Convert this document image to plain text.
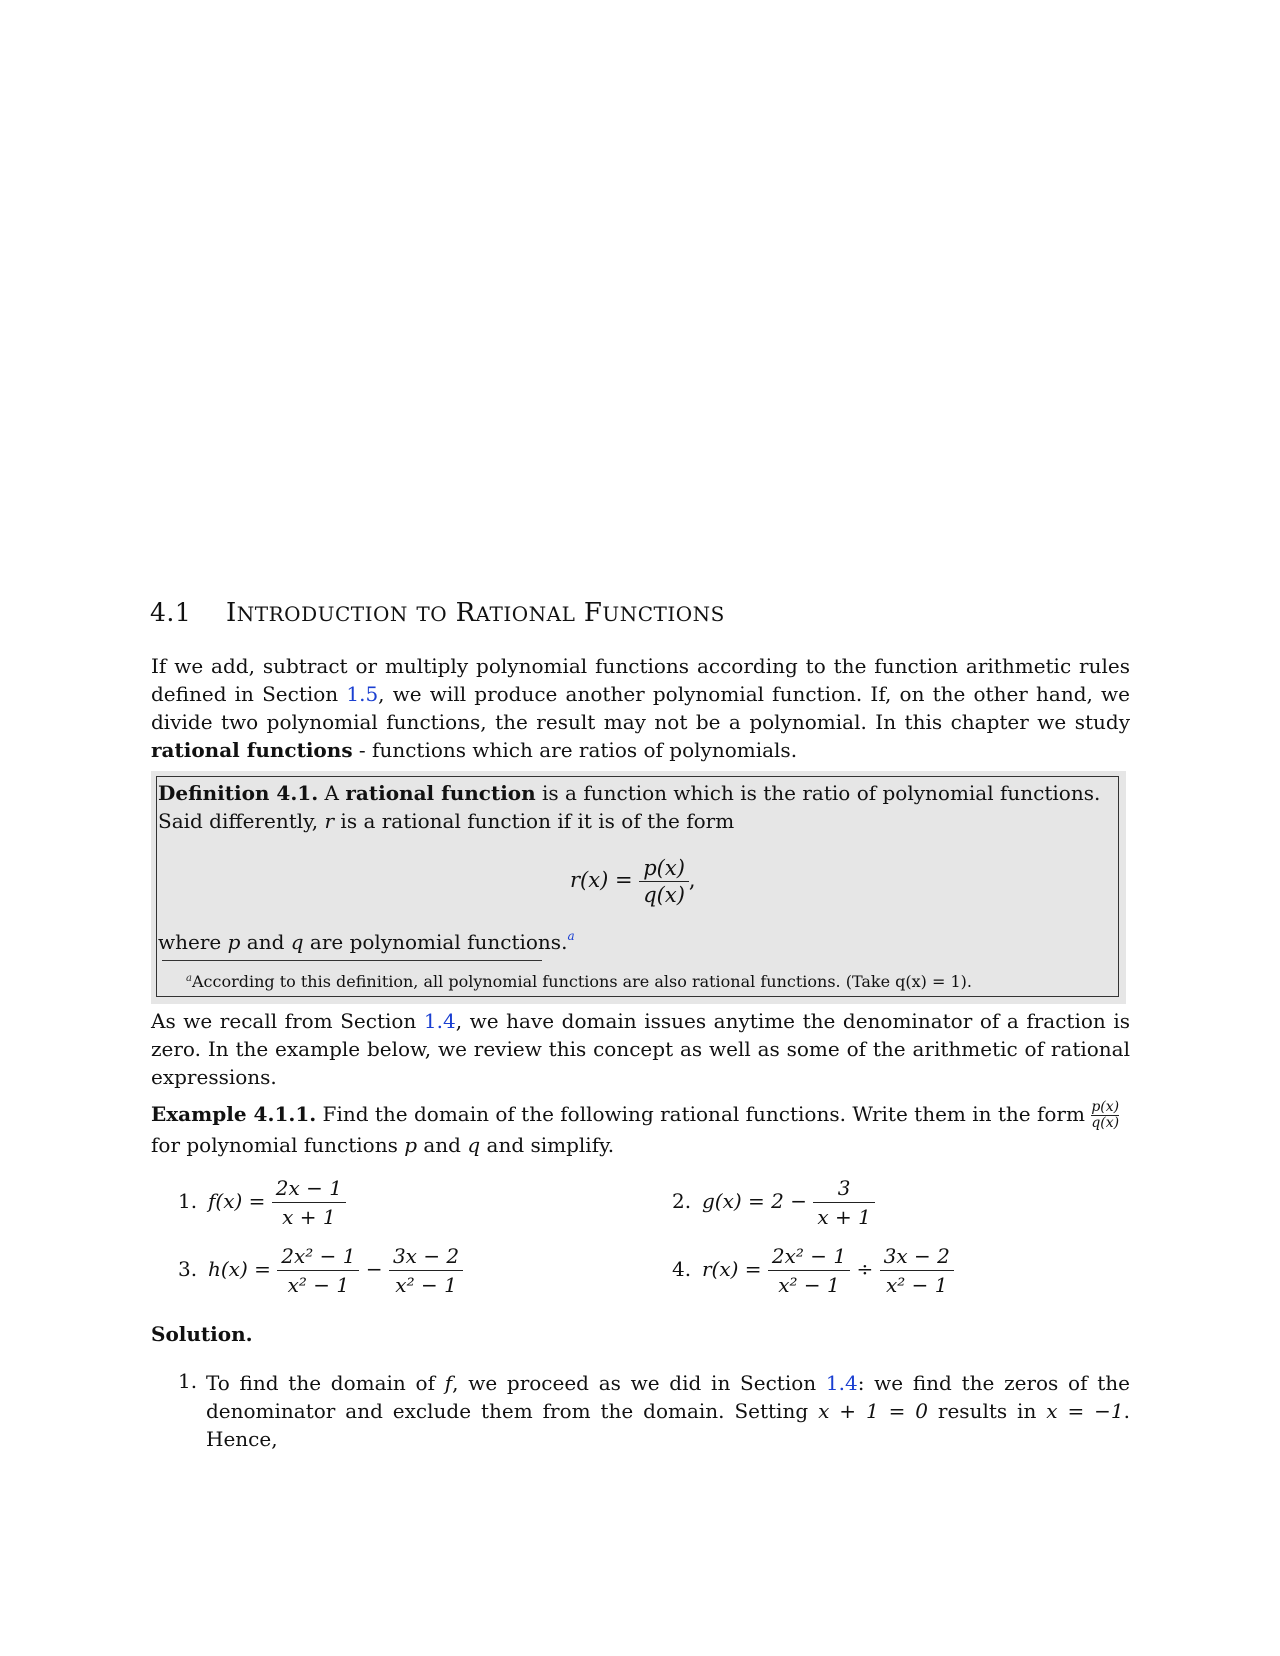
4.1 INTRODUCTION TO RATIONAL FUNCTIONS

If we add, subtract or multiply polynomial functions according to the function arithmetic rules defined in Section 1.5, we will produce another polynomial function. If, on the other hand, we divide two polynomial functions, the result may not be a polynomial. In this chapter we study rational functions - functions which are ratios of polynomials.

Definition 4.1. A rational function is a function which is the ratio of polynomial functions.
Said differently, r is a rational function if it is of the form
$r(x) = \frac{p(x)}{q(x)}$ ,
where p and q are polynomial functions.$^a$
$^a$According to this definition, all polynomial functions are also rational functions. (Take q(x) = 1).

As we recall from Section 1.4, we have domain issues anytime the denominator of a fraction is zero. In the example below, we review this concept as well as some of the arithmetic of rational expressions.

Example 4.1.1. Find the domain of the following rational functions. Write them in the form $\frac{p(x)}{q(x)}$

for polynomial functions p and q and simplify.

1. $f(x) = \frac{2x - 1}{x + 1}$	2. $g(x) = 2 - \frac{3}{x + 1}$
3. $h(x) = \frac{\text{2x² − 1}}{\text{x² − 1}} - \frac{3x - 2}{\text{x² − 1}}$	4. $r(x) = \frac{\text{2x² − 1}}{\text{x² − 1}} \div \frac{3x - 2}{\text{x² − 1}}$
Solution.
1. To find the domain of f, we proceed as we did in Section 1.4: we find the zeros of the denominator and exclude them from the domain. Setting x + 1 = 0 results in x = −1. Hence,
